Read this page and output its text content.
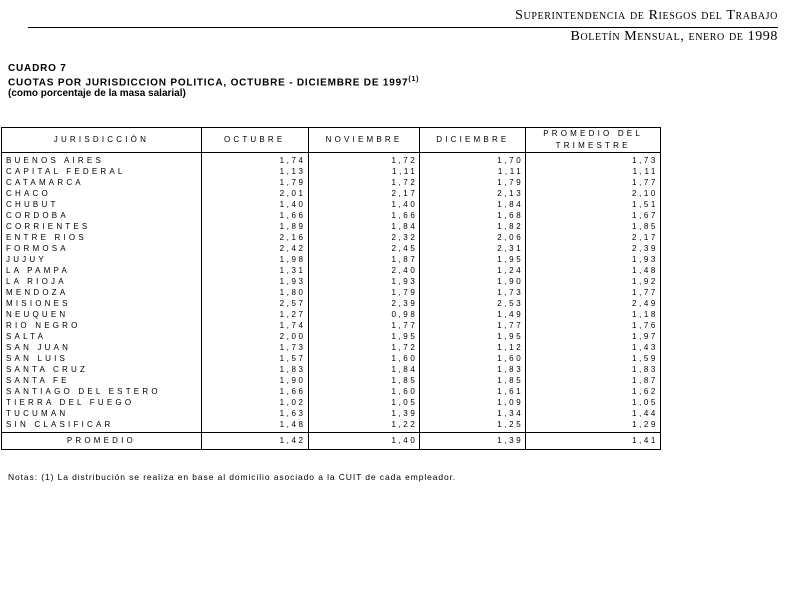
Superintendencia de Riesgos del Trabajo
Boletín Mensual, enero de 1998
CUADRO 7
CUOTAS POR JURISDICCION POLITICA, OCTUBRE - DICIEMBRE DE 1997$^{(1)}$
(como porcentaje de la masa salarial)
JURISDICCIÓN	OCTUBRE	NOVIEMBRE	DICIEMBRE	PROMEDIO DEL TRIMESTRE
BUENOS AIRES	1,74	1,72	1,70	1,73
CAPITAL FEDERAL	1,13	1,11	1,11	1,11
CATAMARCA	1,79	1,72	1,79	1,77
CHACO	2,01	2,17	2,13	2,10
CHUBUT	1,40	1,40	1,84	1,51
CORDOBA	1,66	1,66	1,68	1,67
CORRIENTES	1,89	1,84	1,82	1,85
ENTRE RIOS	2,16	2,32	2,06	2,17
FORMOSA	2,42	2,45	2,31	2,39
JUJUY	1,98	1,87	1,95	1,93
LA PAMPA	1,31	2,40	1,24	1,48
LA RIOJA	1,93	1,93	1,90	1,92
MENDOZA	1,80	1,79	1,73	1,77
MISIONES	2,57	2,39	2,53	2,49
NEUQUEN	1,27	0,98	1,49	1,18
RIO NEGRO	1,74	1,77	1,77	1,76
SALTA	2,00	1,95	1,95	1,97
SAN JUAN	1,73	1,72	1,12	1,43
SAN LUIS	1,57	1,60	1,60	1,59
SANTA CRUZ	1,83	1,84	1,83	1,83
SANTA FE	1,90	1,85	1,85	1,87
SANTIAGO DEL ESTERO	1,66	1,60	1,61	1,62
TIERRA DEL FUEGO	1,02	1,05	1,09	1,05
TUCUMAN	1,63	1,39	1,34	1,44
SIN CLASIFICAR	1,48	1,22	1,25	1,29
PROMEDIO	1,42	1,40	1,39	1,41
Notas: (1) La distribución se realiza en base al domicilio asociado a la CUIT de cada empleador.
